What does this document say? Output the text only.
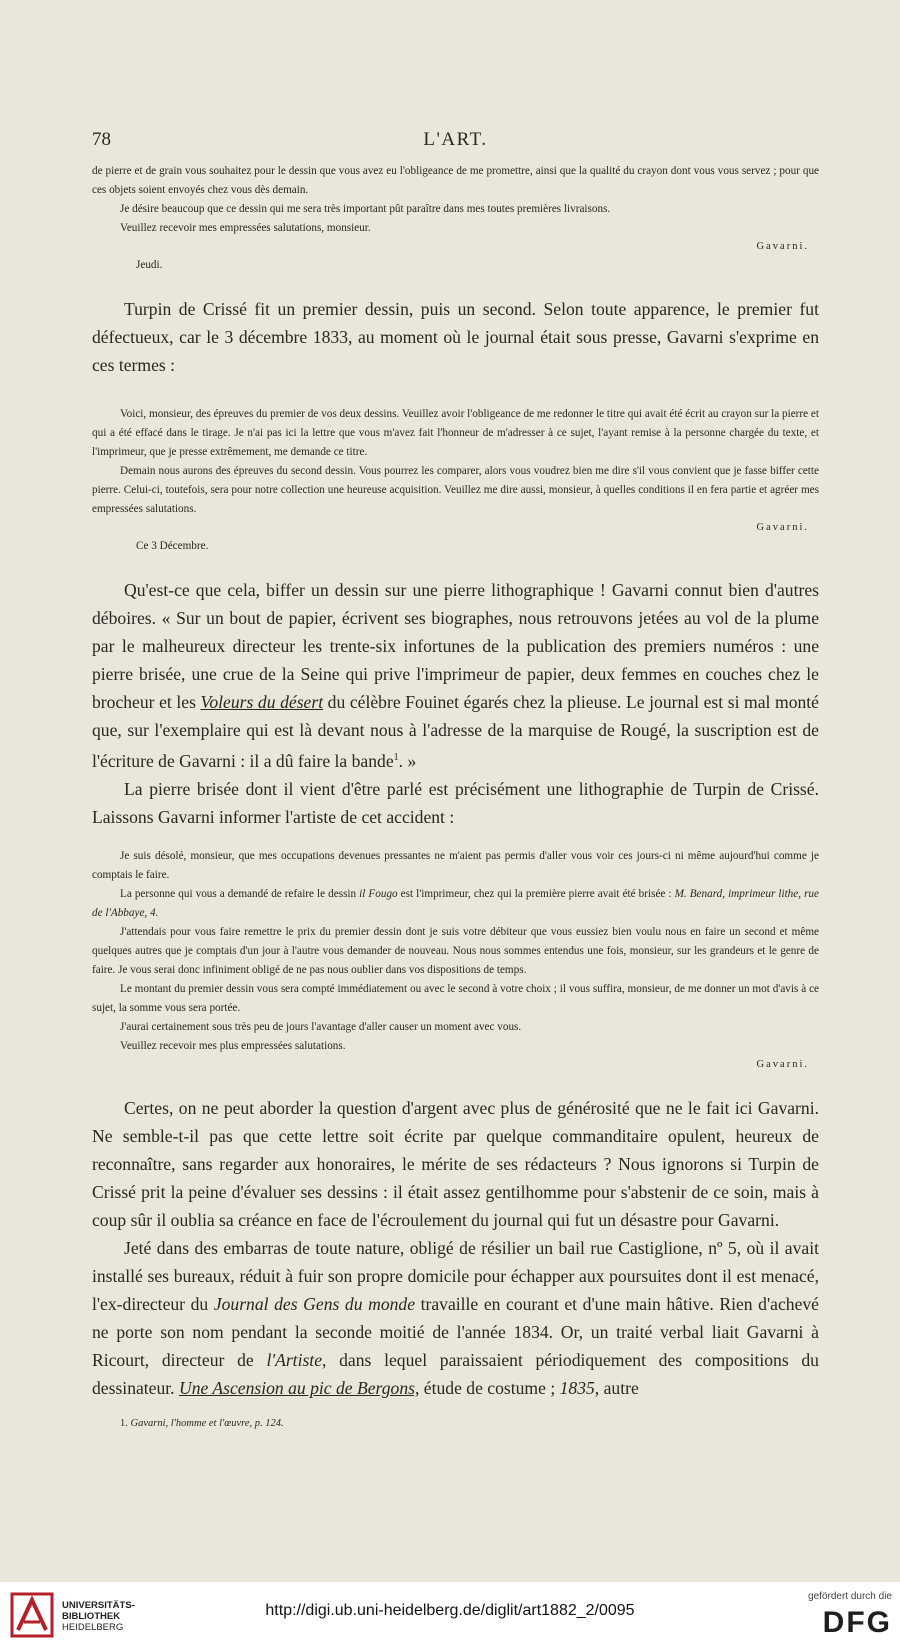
78	L'ART.

de pierre et de grain vous souhaitez pour le dessin que vous avez eu l'obligeance de me promettre, ainsi que la qualité du crayon dont vous vous servez ; pour que ces objets soient envoyés chez vous dès demain.

Je désire beaucoup que ce dessin qui me sera très important pût paraître dans mes toutes premières livraisons.

Veuillez recevoir mes empressées salutations, monsieur.

Gavarni.
Jeudi.

Turpin de Crissé fit un premier dessin, puis un second. Selon toute apparence, le premier fut défectueux, car le 3 décembre 1833, au moment où le journal était sous presse, Gavarni s'exprime en ces termes :

Voici, monsieur, des épreuves du premier de vos deux dessins. Veuillez avoir l'obligeance de me redonner le titre qui avait été écrit au crayon sur la pierre et qui a été effacé dans le tirage. Je n'ai pas ici la lettre que vous m'avez fait l'honneur de m'adresser à ce sujet, l'ayant remise à la personne chargée du texte, et l'imprimeur, que je presse extrêmement, me demande ce titre.

Demain nous aurons des épreuves du second dessin. Vous pourrez les comparer, alors vous voudrez bien me dire s'il vous convient que je fasse biffer cette pierre. Celui-ci, toutefois, sera pour notre collection une heureuse acquisition. Veuillez me dire aussi, monsieur, à quelles conditions il en fera partie et agréer mes empressées salutations.

Gavarni.
Ce 3 Décembre.

Qu'est-ce que cela, biffer un dessin sur une pierre lithographique ! Gavarni connut bien d'autres déboires. « Sur un bout de papier, écrivent ses biographes, nous retrouvons jetées au vol de la plume par le malheureux directeur les trente-six infortunes de la publication des premiers numéros : une pierre brisée, une crue de la Seine qui prive l'imprimeur de papier, deux femmes en couches chez le brocheur et les Voleurs du désert du célèbre Fouinet égarés chez la plieuse. Le journal est si mal monté que, sur l'exemplaire qui est là devant nous à l'adresse de la marquise de Rougé, la suscription est de l'écriture de Gavarni : il a dû faire la bande$^1$. »

La pierre brisée dont il vient d'être parlé est précisément une lithographie de Turpin de Crissé. Laissons Gavarni informer l'artiste de cet accident :

Je suis désolé, monsieur, que mes occupations devenues pressantes ne m'aient pas permis d'aller vous voir ces jours-ci ni même aujourd'hui comme je comptais le faire.

La personne qui vous a demandé de refaire le dessin il Fougo est l'imprimeur, chez qui la première pierre avait été brisée : M. Benard, imprimeur lithe, rue de l'Abbaye, 4.

J'attendais pour vous faire remettre le prix du premier dessin dont je suis votre débiteur que vous eussiez bien voulu nous en faire un second et même quelques autres que je comptais d'un jour à l'autre vous demander de nouveau. Nous nous sommes entendus une fois, monsieur, sur les grandeurs et le genre de faire. Je vous serai donc infiniment obligé de ne pas nous oublier dans vos dispositions de temps.

Le montant du premier dessin vous sera compté immédiatement ou avec le second à votre choix ; il vous suffira, monsieur, de me donner un mot d'avis à ce sujet, la somme vous sera portée.

J'aurai certainement sous très peu de jours l'avantage d'aller causer un moment avec vous.

Veuillez recevoir mes plus empressées salutations.

Gavarni.

Certes, on ne peut aborder la question d'argent avec plus de générosité que ne le fait ici Gavarni. Ne semble-t-il pas que cette lettre soit écrite par quelque commanditaire opulent, heureux de reconnaître, sans regarder aux honoraires, le mérite de ses rédacteurs ? Nous ignorons si Turpin de Crissé prit la peine d'évaluer ses dessins : il était assez gentilhomme pour s'abstenir de ce soin, mais à coup sûr il oublia sa créance en face de l'écroulement du journal qui fut un désastre pour Gavarni.

Jeté dans des embarras de toute nature, obligé de résilier un bail rue Castiglione, nº 5, où il avait installé ses bureaux, réduit à fuir son propre domicile pour échapper aux poursuites dont il est menacé, l'ex-directeur du Journal des Gens du monde travaille en courant et d'une main hâtive. Rien d'achevé ne porte son nom pendant la seconde moitié de l'année 1834. Or, un traité verbal liait Gavarni à Ricourt, directeur de l'Artiste, dans lequel paraissaient périodiquement des compositions du dessinateur. Une Ascension au pic de Bergons, étude de costume ; 1835, autre

1. Gavarni, l'homme et l'œuvre, p. 124.
UNIVERSITÄTS-
BIBLIOTHEK
HEIDELBERG
http://digi.ub.uni-heidelberg.de/diglit/art1882_2/0095
gefördert durch die
DFG
